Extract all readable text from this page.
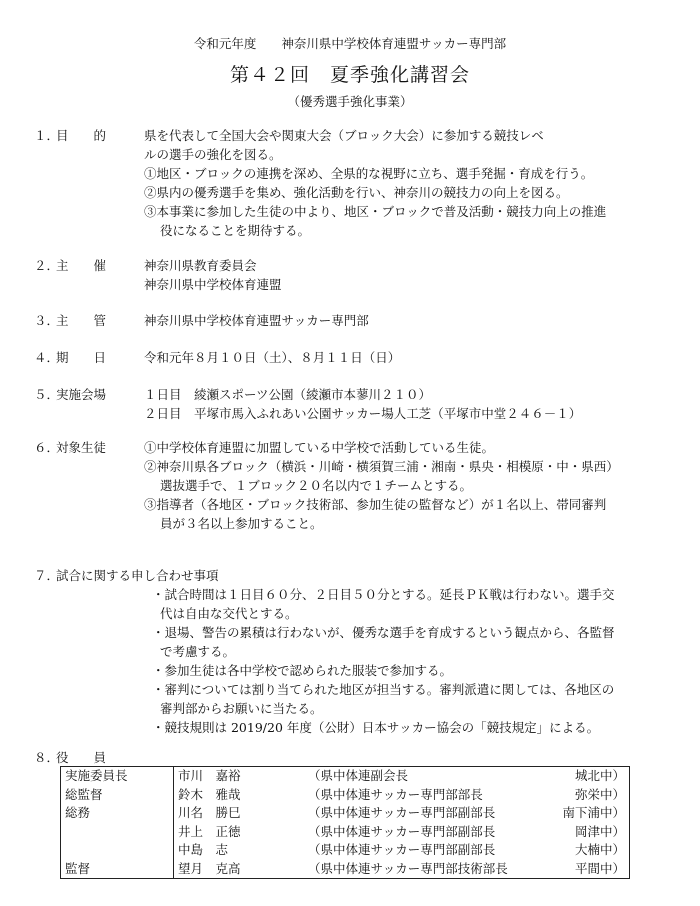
令和元年度　　神奈川県中学校体育連盟サッカー専門部
第４２回　夏季強化講習会
（優秀選手強化事業）
１．
目　　的	県を代表して全国大会や関東大会（ブロック大会）に参加する競技レベ
ルの選手の強化を図る。
①地区・ブロックの連携を深め、全県的な視野に立ち、選手発掘・育成を行う。
②県内の優秀選手を集め、強化活動を行い、神奈川の競技力の向上を図る。
③本事業に参加した生徒の中より、地区・ブロックで普及活動・競技力向上の推進
役になることを期待する。
２．
主　　催	神奈川県教育委員会
神奈川県中学校体育連盟
３．
主　　管	神奈川県中学校体育連盟サッカー専門部
４．
期　　日	令和元年８月１０日（土）、８月１１日（日）
５．
実施会場	１日目　綾瀬スポーツ公園（綾瀬市本蓼川２１０）
２日目　平塚市馬入ふれあい公園サッカー場人工芝（平塚市中堂２４６－１）
６．
対象生徒	①中学校体育連盟に加盟している中学校で活動している生徒。
②神奈川県各ブロック（横浜・川崎・横須賀三浦・湘南・県央・相模原・中・県西）
選抜選手で、１ブロック２０名以内で１チームとする。
③指導者（各地区・ブロック技術部、参加生徒の監督など）が１名以上、帯同審判
員が３名以上参加すること。
７．
試合に関する申し合わせ事項
・試合時間は１日目６０分、２日目５０分とする。延長ＰＫ戦は行わない。選手交
代は自由な交代とする。
・退場、警告の累積は行わないが、優秀な選手を育成するという観点から、各監督
で考慮する。
・参加生徒は各中学校で認められた服装で参加する。
・審判については割り当てられた地区が担当する。審判派遣に関しては、各地区の
審判部からお願いに当たる。
・競技規則は 2019/20 年度（公財）日本サッカー協会の「競技規定」による。
８．
役　　員
実施委員長	市川　嘉裕	（県中体連副会長	城北中）
総監督	鈴木　雅哉	（県中体連サッカー専門部部長	弥栄中）
総務	川名　勝巳	（県中体連サッカー専門部副部長	南下浦中）
	井上　正徳	（県中体連サッカー専門部副部長	岡津中）
	中島　志	（県中体連サッカー専門部副部長	大楠中）
監督	望月　克高	（県中体連サッカー専門部技術部長	平間中）
